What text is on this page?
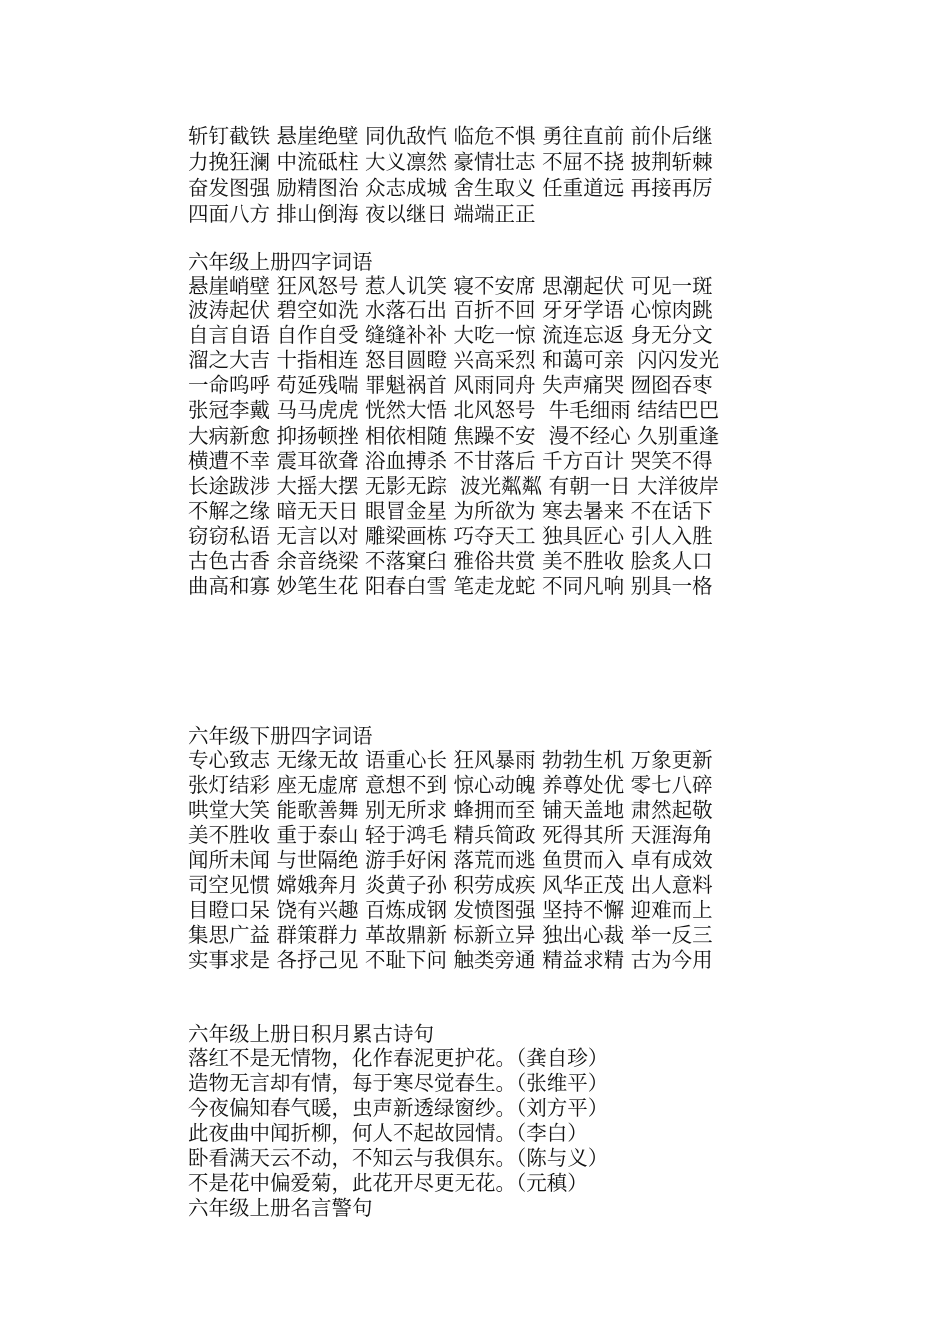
斩钉截铁 悬崖绝壁 同仇敌忾 临危不惧 勇往直前 前仆后继
力挽狂澜 中流砥柱 大义凛然 豪情壮志 不屈不挠 披荆斩棘
奋发图强 励精图治 众志成城 舍生取义 任重道远 再接再厉
四面八方 排山倒海 夜以继日 端端正正
六年级上册四字词语
悬崖峭壁 狂风怒号 惹人讥笑 寝不安席 思潮起伏 可见一斑
波涛起伏 碧空如洗 水落石出 百折不回 牙牙学语 心惊肉跳
自言自语 自作自受 缝缝补补 大吃一惊 流连忘返 身无分文
溜之大吉 十指相连 怒目圆瞪 兴高采烈 和蔼可亲  闪闪发光
一命呜呼 苟延残喘 罪魁祸首 风雨同舟 失声痛哭 囫囵吞枣
张冠李戴 马马虎虎 恍然大悟 北风怒号  牛毛细雨 结结巴巴
大病新愈 抑扬顿挫 相依相随 焦躁不安  漫不经心 久别重逢
横遭不幸 震耳欲聋 浴血搏杀 不甘落后 千方百计 哭笑不得
长途跋涉 大摇大摆 无影无踪  波光粼粼 有朝一日 大洋彼岸
不解之缘 暗无天日 眼冒金星 为所欲为 寒去暑来 不在话下
窃窃私语 无言以对 雕梁画栋 巧夺天工 独具匠心 引人入胜
古色古香 余音绕梁 不落窠臼 雅俗共赏 美不胜收 脍炙人口
曲高和寡 妙笔生花 阳春白雪 笔走龙蛇 不同凡响 别具一格
六年级下册四字词语
专心致志 无缘无故 语重心长 狂风暴雨 勃勃生机 万象更新
张灯结彩 座无虚席 意想不到 惊心动魄 养尊处优 零七八碎
哄堂大笑 能歌善舞 别无所求 蜂拥而至 铺天盖地 肃然起敬
美不胜收 重于泰山 轻于鸿毛 精兵简政 死得其所 天涯海角
闻所未闻 与世隔绝 游手好闲 落荒而逃 鱼贯而入 卓有成效
司空见惯 嫦娥奔月 炎黄子孙 积劳成疾 风华正茂 出人意料
目瞪口呆 饶有兴趣 百炼成钢 发愤图强 坚持不懈 迎难而上
集思广益 群策群力 革故鼎新 标新立异 独出心裁 举一反三
实事求是 各抒己见 不耻下问 触类旁通 精益求精 古为今用
六年级上册日积月累古诗句
落红不是无情物，化作春泥更护花。（龚自珍）
造物无言却有情，每于寒尽觉春生。（张维平）
今夜偏知春气暖，虫声新透绿窗纱。（刘方平）
此夜曲中闻折柳，何人不起故园情。（李白）
卧看满天云不动，不知云与我俱东。（陈与义）
不是花中偏爱菊，此花开尽更无花。（元稹）
六年级上册名言警句
